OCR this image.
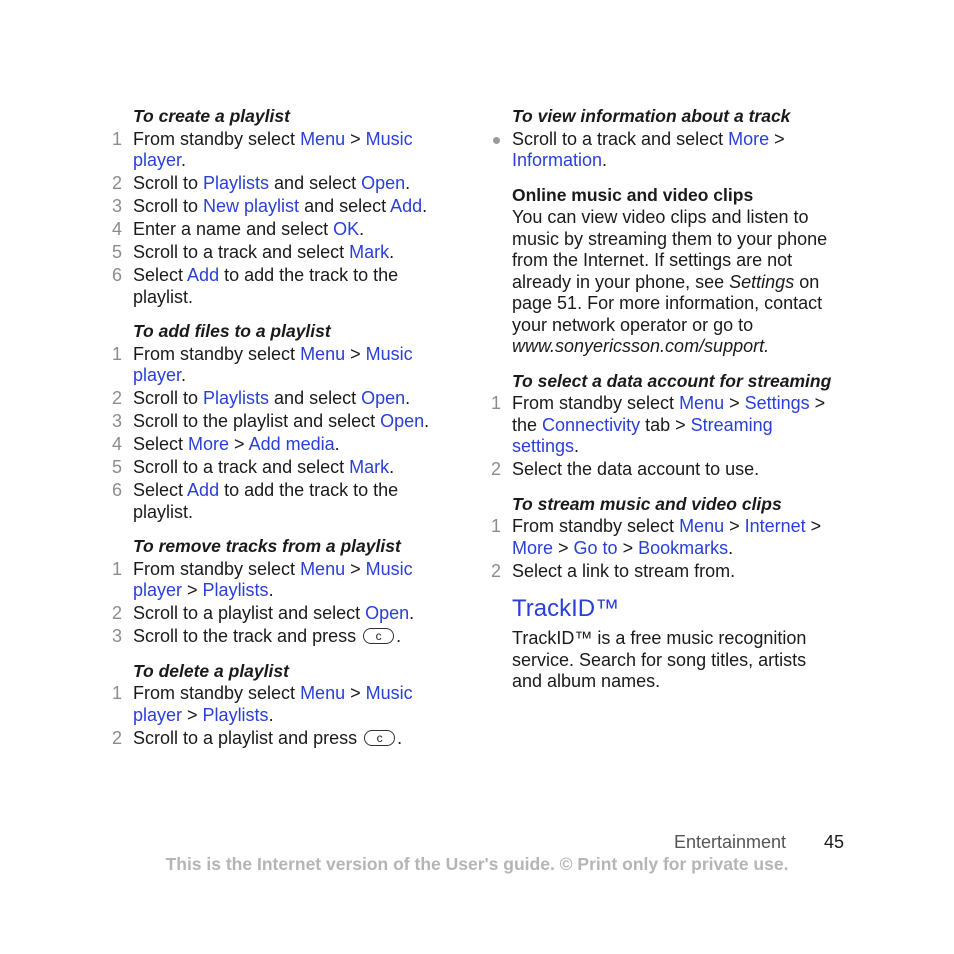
To create a playlist
1 From standby select Menu > Music player.
2 Scroll to Playlists and select Open.
3 Scroll to New playlist and select Add.
4 Enter a name and select OK.
5 Scroll to a track and select Mark.
6 Select Add to add the track to the playlist.
To add files to a playlist
1 From standby select Menu > Music player.
2 Scroll to Playlists and select Open.
3 Scroll to the playlist and select Open.
4 Select More > Add media.
5 Scroll to a track and select Mark.
6 Select Add to add the track to the playlist.
To remove tracks from a playlist
1 From standby select Menu > Music player > Playlists.
2 Scroll to a playlist and select Open.
3 Scroll to the track and press	c .
To delete a playlist
1 From standby select Menu > Music player > Playlists.
2 Scroll to a playlist and press	c .
To view information about a track
Scroll to a track and select More > Information.
Online music and video clips

You can view video clips and listen to music by streaming them to your phone from the Internet. If settings are not already in your phone, see Settings on page 51. For more information, contact your network operator or go to www.sonyericsson.com/support.

To select a data account for streaming
1 From standby select Menu > Settings > the Connectivity tab > Streaming settings.
2 Select the data account to use.
To stream music and video clips
1 From standby select Menu > Internet > More > Go to > Bookmarks.
2 Select a link to stream from.
TrackID™

TrackID™ is a free music recognition service. Search for song titles, artists and album names.

Entertainment 45
This is the Internet version of the User's guide. © Print only for private use.
